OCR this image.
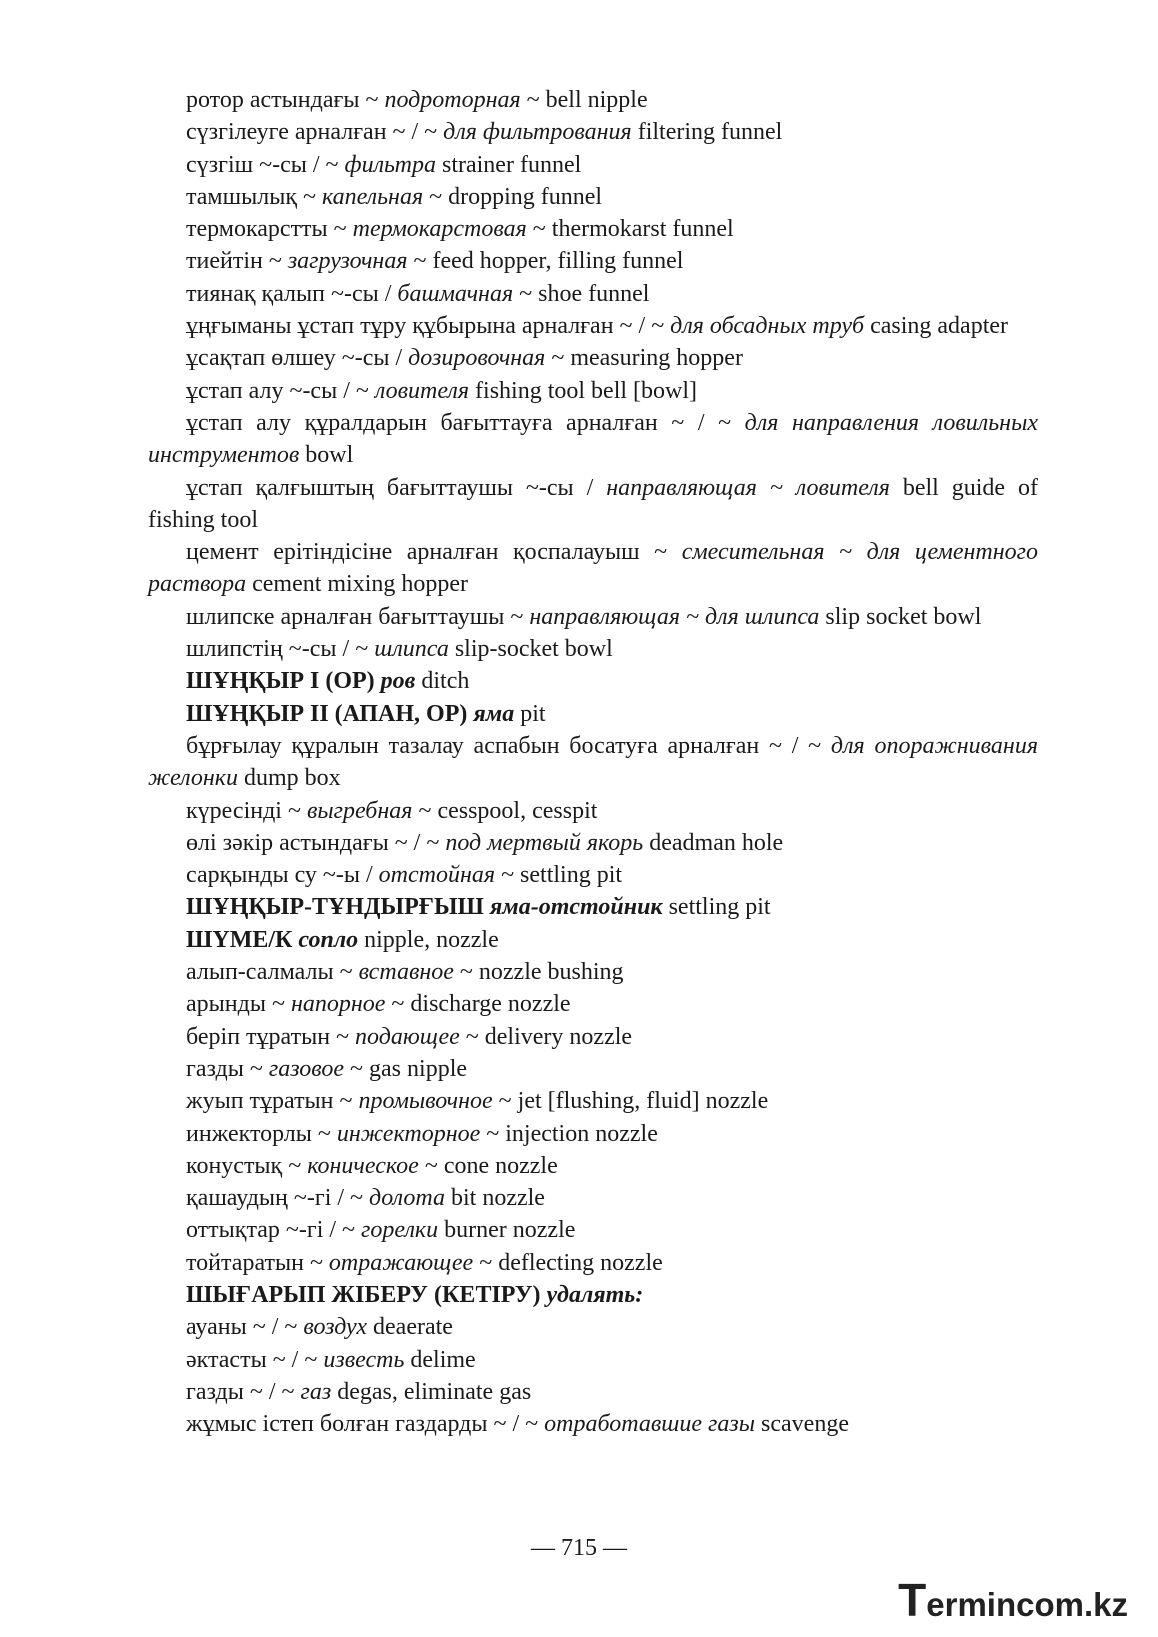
ротор астындағы ~ подроторная ~ bell nipple

сүзгілеуге арналған ~ / ~ для фильтрования filtering funnel

сүзгіш ~-сы / ~ фильтра strainer funnel

тамшылық ~ капельная ~ dropping funnel

термокарстты ~ термокарстовая ~ thermokarst funnel

тиейтін ~ загрузочная ~ feed hopper, filling funnel

тиянақ қалып ~-сы / башмачная ~ shoe funnel

ұңғыманы ұстап тұру құбырына арналған ~ / ~ для обсадных труб casing adapter

ұсақтап өлшеу ~-сы / дозировочная ~ measuring hopper

ұстап алу ~-сы / ~ ловителя fishing tool bell [bowl]

ұстап алу құралдарын бағыттауға арналған ~ / ~ для направления ловильных инструментов bowl

ұстап қалғыштың бағыттаушы ~-сы / направляющая ~ ловителя bell guide of fishing tool

цемент ерітіндісіне арналған қоспалауыш ~ смесительная ~ для цементного раствора cement mixing hopper

шлипске арналған бағыттаушы ~ направляющая ~ для шлипса slip socket bowl

шлипстің ~-сы / ~ шлипса slip-socket bowl

ШҰҢҚЫР I (ОР) ров ditch

ШҰҢҚЫР II (АПАН, ОР) яма pit

бұрғылау құралын тазалау аспабын босатуға арналған ~ / ~ для опоражнивания желонки dump box

күресінді ~ выгребная ~ cesspool, cesspit

өлі зәкір астындағы ~ / ~ под мертвый якорь deadman hole

сарқынды су ~-ы / отстойная ~ settling pit

ШҰҢҚЫР-ТҰНДЫРҒЫШ яма-отстойник settling pit

ШҮМЕ/К сопло nipple, nozzle

алып-салмалы ~ вставное ~ nozzle bushing

арынды ~ напорное ~ discharge nozzle

беріп тұратын ~ подающее ~ delivery nozzle

газды ~ газовое ~ gas nipple

жуып тұратын ~ промывочное ~ jet [flushing, fluid] nozzle

инжекторлы ~ инжекторное ~ injection nozzle

конустық ~ коническое ~ cone nozzle

қашаудың ~-гі / ~ долота bit nozzle

оттықтар ~-гі / ~ горелки burner nozzle

тойтаратын ~ отражающее ~ deflecting nozzle

ШЫҒАРЫП ЖІБЕРУ (КЕТІРУ) удалять:

ауаны ~ / ~ воздух deaerate

әктасты ~ / ~ известь delime

газды ~ / ~ газ degas, eliminate gas

жұмыс істеп болған газдарды ~ / ~ отработавшие газы scavenge

— 715 —
T ermincom.kz
